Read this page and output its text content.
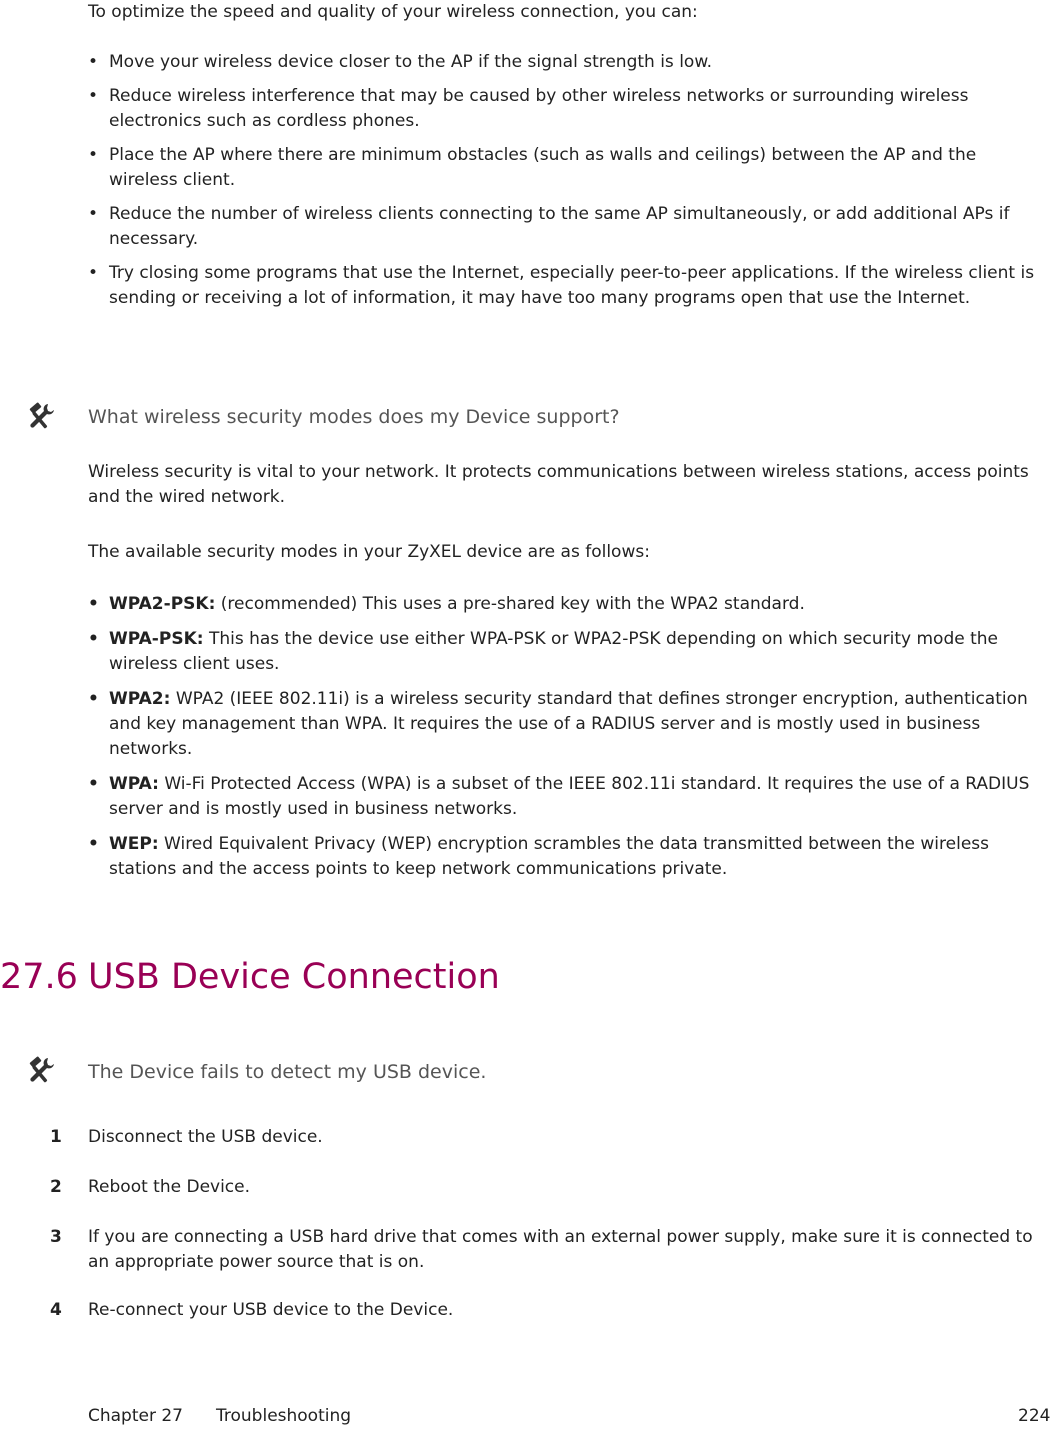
To optimize the speed and quality of your wireless connection, you can:

• Move your wireless device closer to the AP if the signal strength is low.
• Reduce wireless interference that may be caused by other wireless networks or surrounding wireless electronics such as cordless phones.
• Place the AP where there are minimum obstacles (such as walls and ceilings) between the AP and the wireless client.
• Reduce the number of wireless clients connecting to the same AP simultaneously, or add additional APs if necessary.
• Try closing some programs that use the Internet, especially peer-to-peer applications. If the wireless client is sending or receiving a lot of information, it may have too many programs open that use the Internet.
What wireless security modes does my Device support?

Wireless security is vital to your network. It protects communications between wireless stations, access points and the wired network.

The available security modes in your ZyXEL device are as follows:

• WPA2-PSK: (recommended) This uses a pre-shared key with the WPA2 standard.
• WPA-PSK: This has the device use either WPA-PSK or WPA2-PSK depending on which security mode the wireless client uses.
• WPA2: WPA2 (IEEE 802.11i) is a wireless security standard that defines stronger encryption, authentication and key management than WPA. It requires the use of a RADIUS server and is mostly used in business networks.
• WPA: Wi-Fi Protected Access (WPA) is a subset of the IEEE 802.11i standard. It requires the use of a RADIUS server and is mostly used in business networks.
• WEP: Wired Equivalent Privacy (WEP) encryption scrambles the data transmitted between the wireless stations and the access points to keep network communications private.
27.6 USB Device Connection
The Device fails to detect my USB device.
1 Disconnect the USB device.
2 Reboot the Device.
3 If you are connecting a USB hard drive that comes with an external power supply, make sure it is connected to an appropriate power source that is on.
4 Re-connect your USB device to the Device.
Chapter 27 Troubleshooting	224
